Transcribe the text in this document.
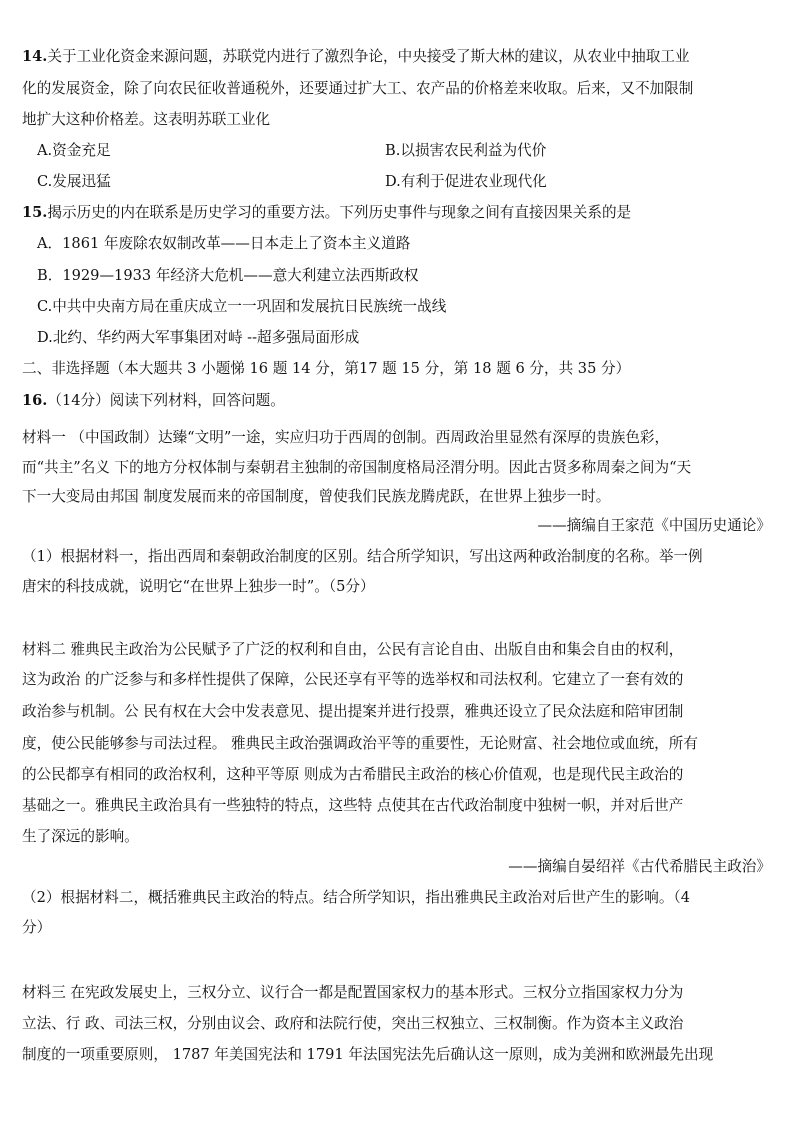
14.关于工业化资金来源问题，苏联党内进行了激烈争论，中央接受了斯大林的建议，从农业中抽取工业
化的发展资金，除了向农民征收普通税外，还要通过扩大工、农产品的价格差来收取。后来，又不加限制
地扩大这种价格差。这表明苏联工业化
A.资金充足	B.以损害农民利益为代价
C.发展迅猛	D.有利于促进农业现代化
15.揭示历史的内在联系是历史学习的重要方法。下列历史事件与现象之间有直接因果关系的是
A．1861 年废除农奴制改革——日本走上了资本主义道路
B．1929—1933 年经济大危机——意大利建立法西斯政权
C.中共中央南方局在重庆成立一一巩固和发展抗日民族统一战线
D.北约、华约两大军事集团对峙 --超多强局面形成
二、非选择题（本大题共 3 小题悌 16 题 14 分，第17 题 15 分，第 18 题 6 分，共 35 分）
16.（14分）阅读下列材料，回答问题。
材料一 （中国政制）达臻“文明”一途，实应归功于西周的创制。西周政治里显然有深厚的贵族色彩，
而“共主”名义 下的地方分权体制与秦朝君主独制的帝国制度格局泾渭分明。因此古贤多称周秦之间为“天
下一大变局由邦国 制度发展而来的帝国制度，曾使我们民族龙腾虎跃，在世界上独步一时。
——摘编自王家范《中国历史通论》
（1）根据材料一，指出西周和秦朝政治制度的区别。结合所学知识，写出这两种政治制度的名称。举一例
唐宋的科技成就，说明它“在世界上独步一时”。（5分）
材料二 雅典民主政治为公民赋予了广泛的权利和自由，公民有言论自由、出版自由和集会自由的权利，
这为政治 的广泛参与和多样性提供了保障，公民还享有平等的选举权和司法权利。它建立了一套有效的
政治参与机制。公 民有权在大会中发表意见、提出提案并进行投票，雅典还设立了民众法庭和陪审团制
度，使公民能够参与司法过程。 雅典民主政治强调政治平等的重要性，无论财富、社会地位或血统，所有
的公民都享有相同的政治权利，这种平等原 则成为古希腊民主政治的核心价值观，也是现代民主政治的
基础之一。雅典民主政治具有一些独特的特点，这些特 点使其在古代政治制度中独树一帜，并对后世产
生了深远的影响。
——摘编自晏绍祥《古代希腊民主政治》
（2）根据材料二，概括雅典民主政治的特点。结合所学知识，指出雅典民主政治对后世产生的影响。（4
分）
材料三 在宪政发展史上，三权分立、议行合一都是配置国家权力的基本形式。三权分立指国家权力分为
立法、行 政、司法三权，分别由议会、政府和法院行使，突出三权独立、三权制衡。作为资本主义政治
制度的一项重要原则， 1787 年美国宪法和 1791 年法国宪法先后确认这一原则，成为美洲和欧洲最先出现
